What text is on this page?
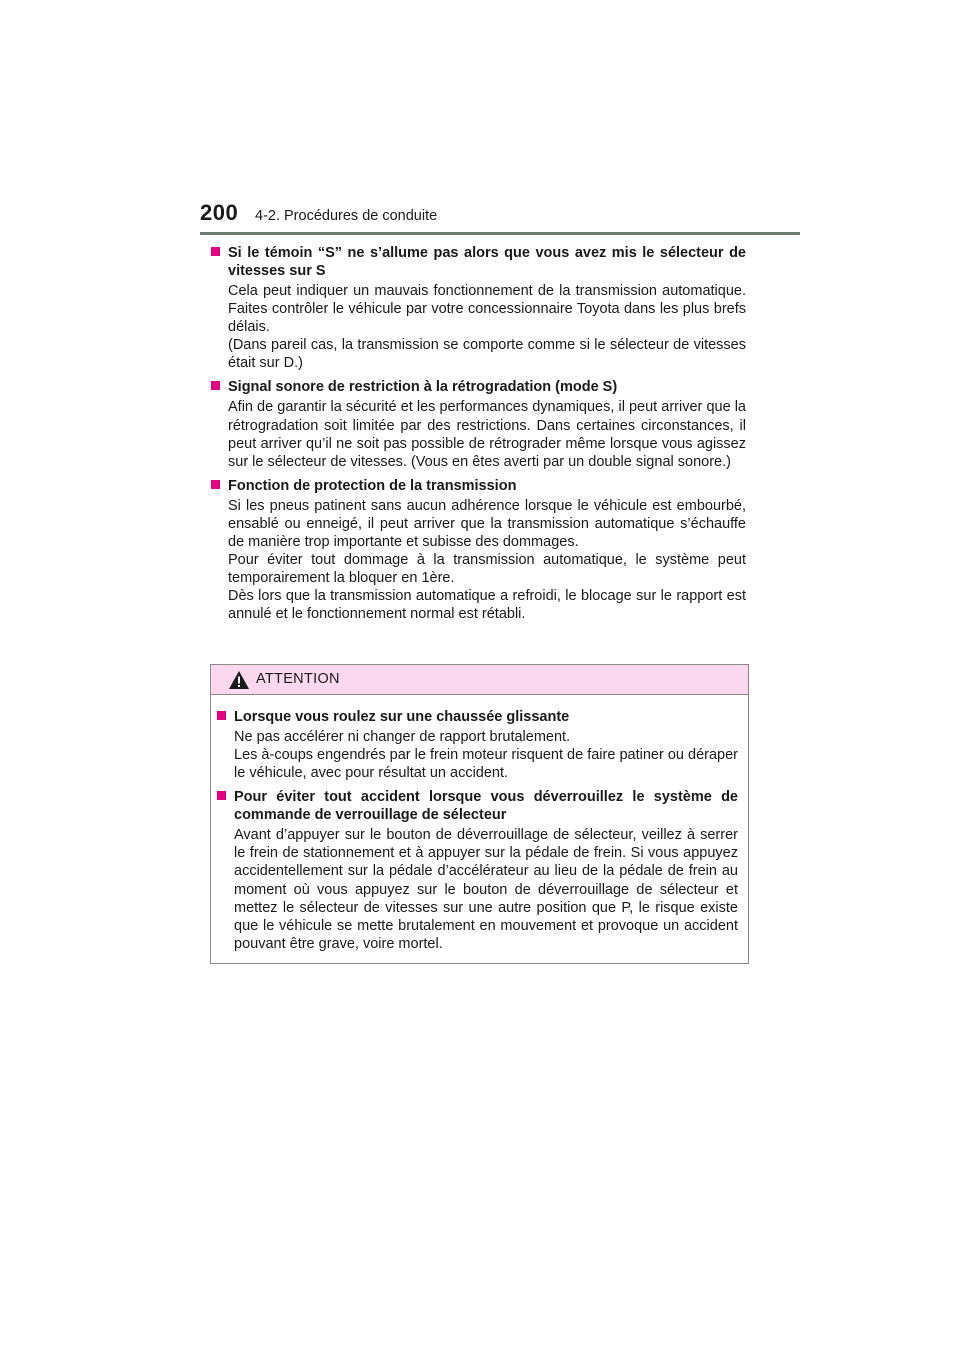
200 4-2. Procédures de conduite
Si le témoin “S” ne s’allume pas alors que vous avez mis le sélecteur de vitesses sur S
Cela peut indiquer un mauvais fonctionnement de la transmission automatique. Faites contrôler le véhicule par votre concessionnaire Toyota dans les plus brefs délais.
(Dans pareil cas, la transmission se comporte comme si le sélecteur de vitesses était sur D.)
Signal sonore de restriction à la rétrogradation (mode S)
Afin de garantir la sécurité et les performances dynamiques, il peut arriver que la rétrogradation soit limitée par des restrictions. Dans certaines circonstances, il peut arriver qu’il ne soit pas possible de rétrograder même lorsque vous agissez sur le sélecteur de vitesses. (Vous en êtes averti par un double signal sonore.)
Fonction de protection de la transmission
Si les pneus patinent sans aucun adhérence lorsque le véhicule est embourbé, ensablé ou enneigé, il peut arriver que la transmission automatique s’échauffe de manière trop importante et subisse des dommages.
Pour éviter tout dommage à la transmission automatique, le système peut temporairement la bloquer en 1ère.
Dès lors que la transmission automatique a refroidi, le blocage sur le rapport est annulé et le fonctionnement normal est rétabli.
ATTENTION
Lorsque vous roulez sur une chaussée glissante
Ne pas accélérer ni changer de rapport brutalement.
Les à-coups engendrés par le frein moteur risquent de faire patiner ou déraper le véhicule, avec pour résultat un accident.
Pour éviter tout accident lorsque vous déverrouillez le système de commande de verrouillage de sélecteur
Avant d’appuyer sur le bouton de déverrouillage de sélecteur, veillez à serrer le frein de stationnement et à appuyer sur la pédale de frein. Si vous appuyez accidentellement sur la pédale d’accélérateur au lieu de la pédale de frein au moment où vous appuyez sur le bouton de déverrouillage de sélecteur et mettez le sélecteur de vitesses sur une autre position que P, le risque existe que le véhicule se mette brutalement en mouvement et provoque un accident pouvant être grave, voire mortel.
